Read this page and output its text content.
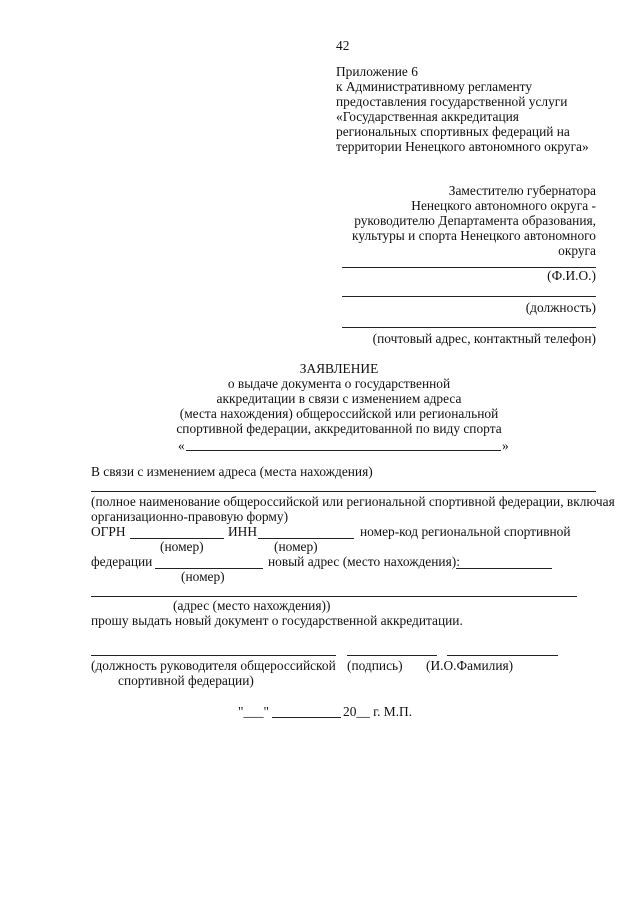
42
Приложение 6
к Административному регламенту
предоставления государственной услуги
«Государственная аккредитация
региональных спортивных федераций на
территории Ненецкого автономного округа»
Заместителю губернатора
Ненецкого автономного округа -
руководителю Департамента образования,
культуры и спорта Ненецкого автономного
округа
(Ф.И.О.)
(должность)
(почтовый адрес, контактный телефон)
ЗАЯВЛЕНИЕ
о выдаче документа о государственной
аккредитации в связи с изменением адреса
(места нахождения) общероссийской или региональной
спортивной федерации, аккредитованной по виду спорта
«	»
В связи с изменением адреса (места нахождения)
(полное наименование общероссийской или региональной спортивной федерации, включая
организационно-правовую форму)
ОГРН	ИНН	номер-код региональной спортивной
(номер)	(номер)
федерации	новый адрес (место нахождения):
(номер)
(адрес (место нахождения))
прошу выдать новый документ о государственной аккредитации.
(должность руководителя общероссийской (подпись) (И.О.Фамилия)
спортивной федерации)
"___"	20__ г. М.П.
